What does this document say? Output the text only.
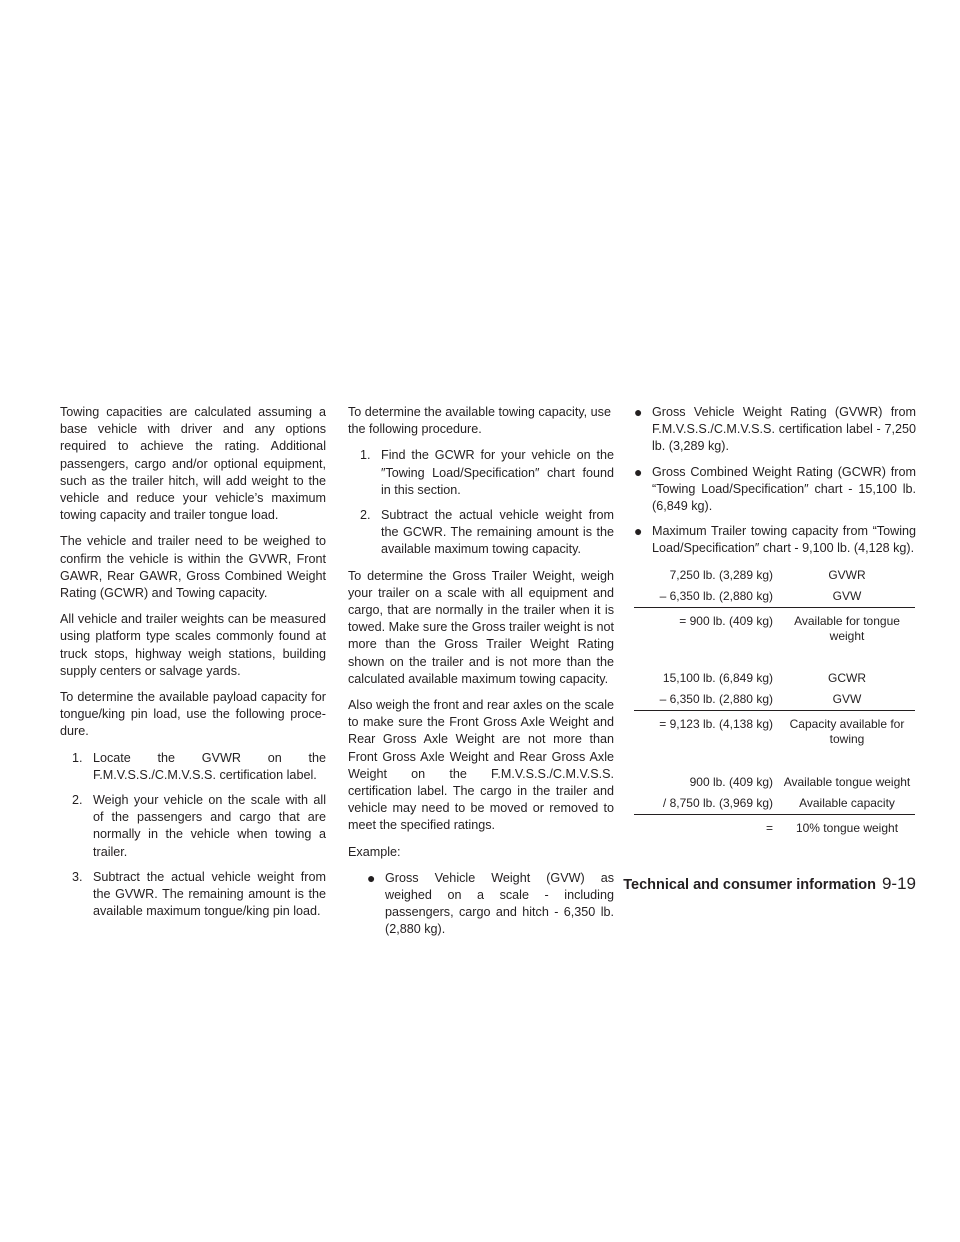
Towing capacities are calculated assuming a base vehicle with driver and any options required to achieve the rating. Additional passengers, cargo and/or optional equipment, such as the trailer hitch, will add weight to the vehicle and reduce your vehicle’s maximum towing capacity and trailer tongue load.

The vehicle and trailer need to be weighed to confirm the vehicle is within the GVWR, Front GAWR, Rear GAWR, Gross Combined Weight Rating (GCWR) and Towing capacity.

All vehicle and trailer weights can be measured using platform type scales commonly found at truck stops, highway weigh stations, building supply centers or salvage yards.

To determine the available payload capacity for tongue/king pin load, use the following procedure.

1. Locate the GVWR on the F.M.V.S.S./C.M.V.S.S. certification label.
2. Weigh your vehicle on the scale with all of the passengers and cargo that are normally in the vehicle when towing a trailer.
3. Subtract the actual vehicle weight from the GVWR. The remaining amount is the available maximum tongue/king pin load.

To determine the available towing capacity, use the following procedure.

1. Find the GCWR for your vehicle on the ″Towing Load/Specification″ chart found in this section.
2. Subtract the actual vehicle weight from the GCWR. The remaining amount is the available maximum towing capacity.

To determine the Gross Trailer Weight, weigh your trailer on a scale with all equipment and cargo, that are normally in the trailer when it is towed. Make sure the Gross trailer weight is not more than the Gross Trailer Weight Rating shown on the trailer and is not more than the calculated available maximum towing capacity.

Also weigh the front and rear axles on the scale to make sure the Front Gross Axle Weight and Rear Gross Axle Weight are not more than Front Gross Axle Weight and Rear Gross Axle Weight on the F.M.V.S.S./C.M.V.S.S. certification label. The cargo in the trailer and vehicle may need to be moved or removed to meet the specified ratings.

Example:

● Gross Vehicle Weight (GVW) as weighed on a scale - including passengers, cargo and hitch - 6,350 lb. (2,880 kg).
● Gross Vehicle Weight Rating (GVWR) from F.M.V.S.S./C.M.V.S.S. certification label - 7,250 lb. (3,289 kg).
● Gross Combined Weight Rating (GCWR) from “Towing Load/Specification″ chart - 15,100 lb. (6,849 kg).
● Maximum Trailer towing capacity from “Towing Load/Specification″ chart - 9,100 lb. (4,128 kg).
7,250 lb. (3,289 kg)	GVWR
– 6,350 lb. (2,880 kg)	GVW
= 900 lb. (409 kg)	Available for tongue weight
15,100 lb. (6,849 kg)	GCWR
– 6,350 lb. (2,880 kg)	GVW
= 9,123 lb. (4,138 kg)	Capacity available for towing
900 lb. (409 kg) Available tongue weight
/ 8,750 lb. (3,969 kg)	Available capacity
=	10% tongue weight
Technical and consumer information 9-19
